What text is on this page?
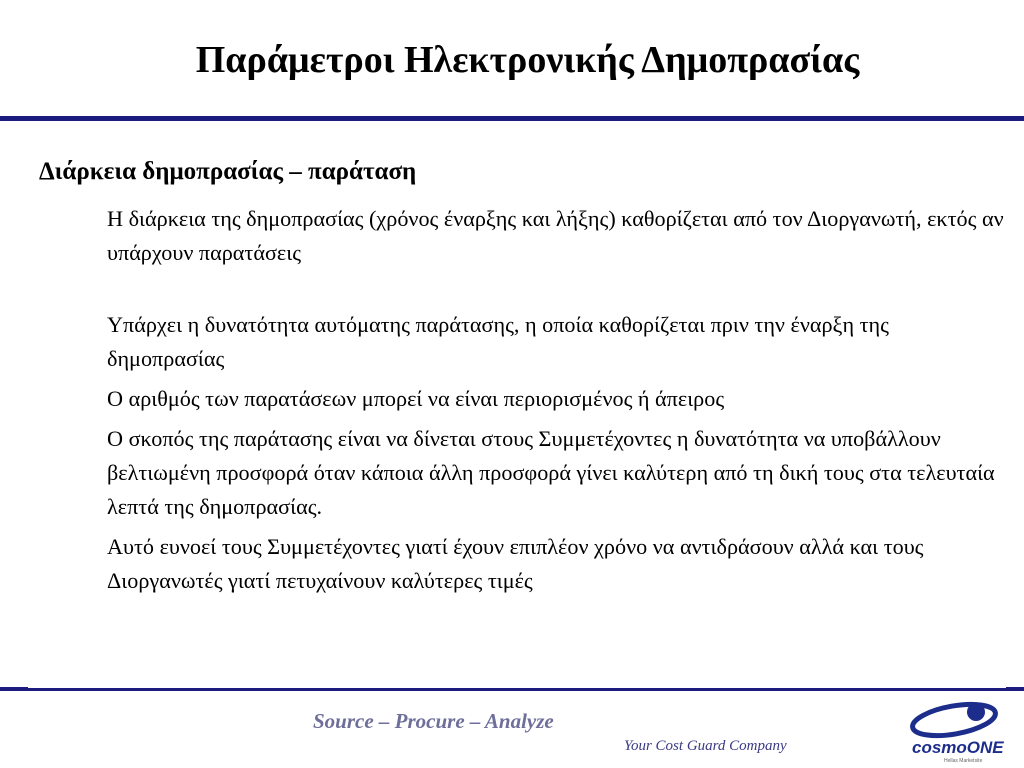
Παράμετροι Ηλεκτρονικής Δημοπρασίας
Διάρκεια δημοπρασίας – παράταση

Η διάρκεια της δημοπρασίας (χρόνος έναρξης και λήξης) καθορίζεται από τον Διοργανωτή, εκτός αν υπάρχουν παρατάσεις

Υπάρχει η δυνατότητα αυτόματης παράτασης, η οποία καθορίζεται πριν την έναρξη της δημοπρασίας

Ο αριθμός των παρατάσεων μπορεί να είναι περιορισμένος ή άπειρος

Ο σκοπός της παράτασης είναι να δίνεται στους Συμμετέχοντες η δυνατότητα να υποβάλλουν βελτιωμένη προσφορά όταν κάποια άλλη προσφορά γίνει καλύτερη από τη δική τους στα τελευταία λεπτά της δημοπρασίας.

Αυτό ευνοεί τους Συμμετέχοντες γιατί έχουν επιπλέον χρόνο να αντιδράσουν αλλά και τους Διοργανωτές γιατί πετυχαίνουν καλύτερες τιμές

Source – Procure – Analyze
Your Cost Guard Company	cosmoONE
Hellas Marketsite
